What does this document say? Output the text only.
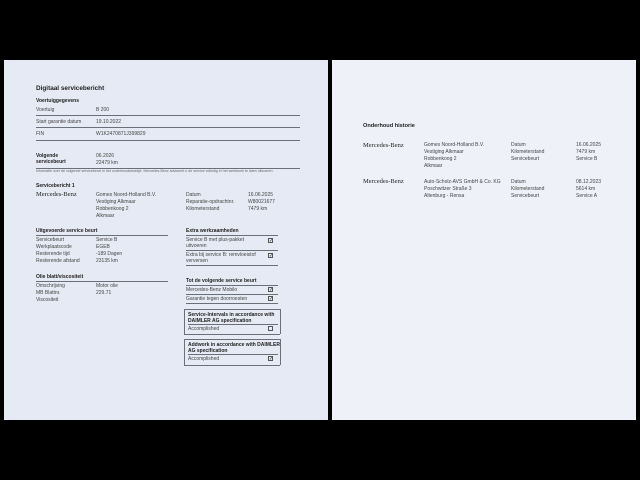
Digitaal servicebericht
Voertuiggegevens
Voertuig	B 200
Start garantie datum	19.10.2022
FIN	W1K2470871J399829
Volgende servicebeurt
06.2026
22479 km
Informatie over de volgende servicebeurt in het onderhoudsboekje. Mercedes-Benz adviseert u de service volledig in het werkboek te laten uitvoeren.
Servicebericht 1
Mercedes-Benz	Gomes Noord-Holland B.V.
Vestiging Alkmaar
Robbenkoog 2
Alkmaar
Datum	16.06.2025
Reparatie-opdrachtnr.	W80021677
Kilometerstand	7479 km
Uitgevoerde service beurt
Servicebeurt	Service B
Werkplaatscode	EGEB
Resterende tijd	-189 Dagen
Resterende afstand	23135 km
Olie blatt/viscositeit
Omschrijving	Motor olie
MB Blattnr.	229.71
Viscositeit
Extra werkzaamheden
Service B met plus-pakket uitvoeren
✓
Extra bij service B: remvloeistof verversen
✓
Tot de volgende service beurt
Mercedes-Benz Mobilo	✓
Garantie tegen doorroesten	✓
Service-Intervals in accordance with DAIMLER AG specification
Accomplished
Addwork in accordance with DAIMLER AG specification
Accomplished	✓
Onderhoud historie
Mercedes-Benz	Gomes Noord-Holland B.V.
Vestiging Alkmaar
Robbenkoog 2
Alkmaar
Datum	16.06.2025
Kilometerstand	7479 km
Servicebeurt	Service B
Mercedes-Benz	Auto-Scholz-AVS GmbH & Co. KG
Poschwitzer Straße 3
Altenburg - Rensa
Datum	08.12.2023
Kilometerstand	5614 km
Servicebeurt	Service A
